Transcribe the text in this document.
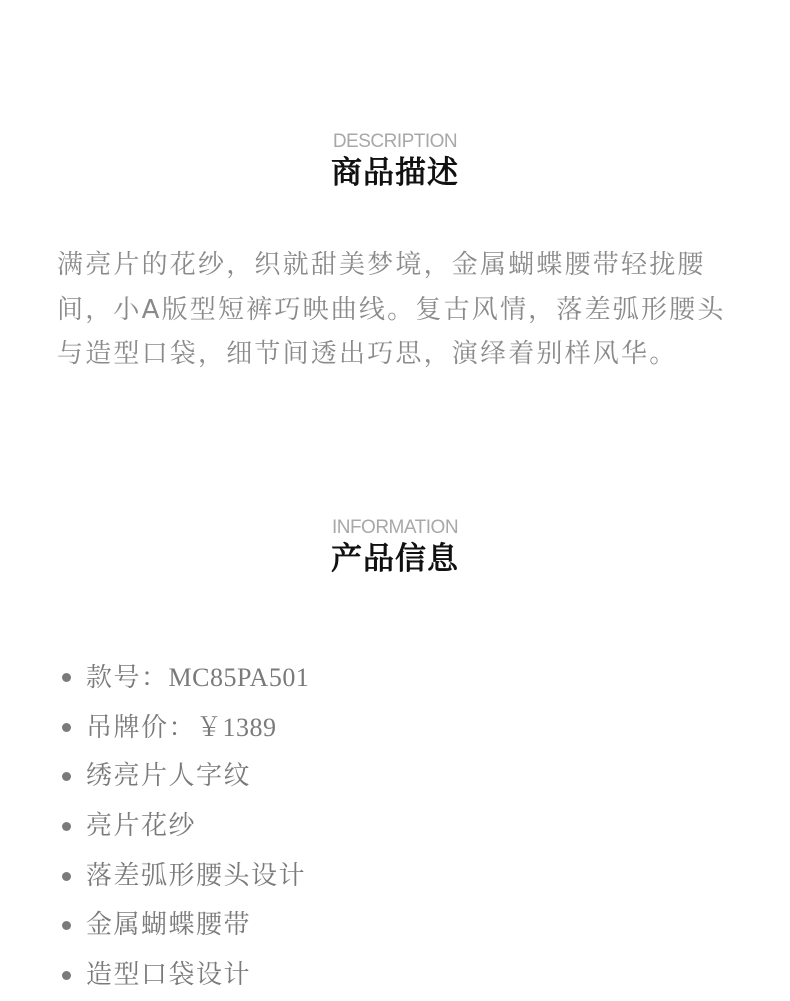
DESCRIPTION
商品描述
满亮片的花纱，织就甜美梦境，金属蝴蝶腰带轻拢腰间，小A版型短裤巧映曲线。复古风情，落差弧形腰头与造型口袋，细节间透出巧思，演绎着别样风华。
INFORMATION
产品信息
款号：MC85PA501
吊牌价：￥1389
绣亮片人字纹
亮片花纱
落差弧形腰头设计
金属蝴蝶腰带
造型口袋设计
